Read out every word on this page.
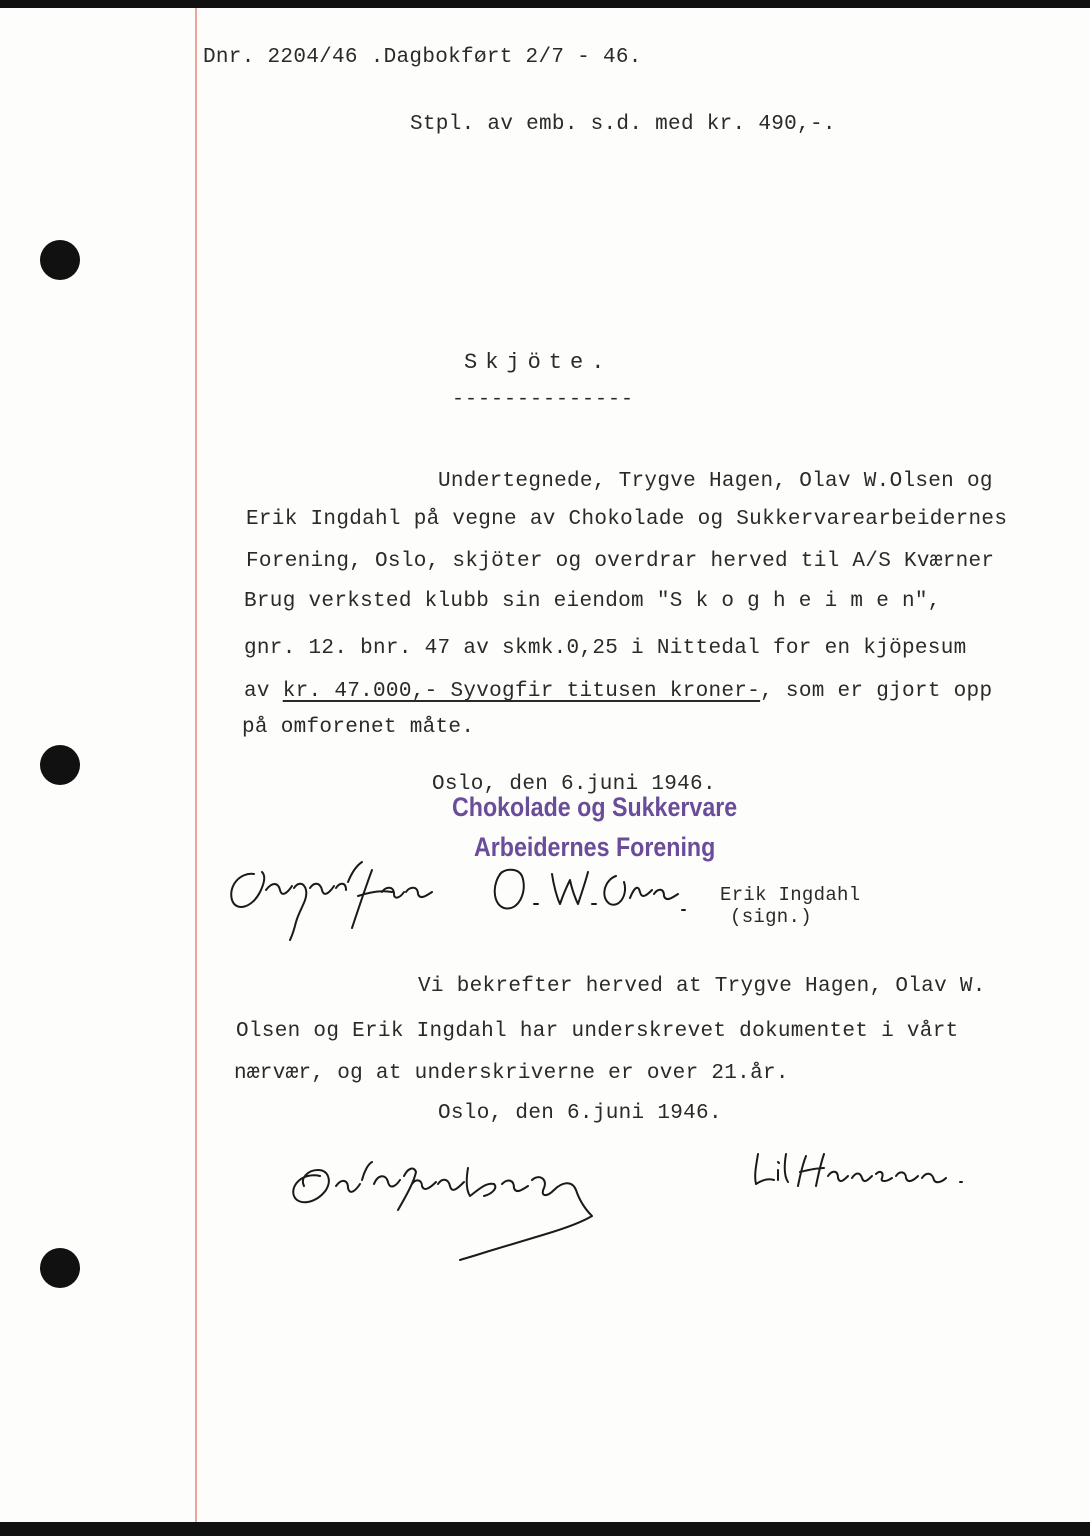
Dnr. 2204/46 .Dagbokført 2/7 - 46.
Stpl. av emb. s.d. med kr. 490,-.
Skjöte.
--------------
Undertegnede, Trygve Hagen, Olav W.Olsen og
Erik Ingdahl på vegne av Chokolade og Sukkervarearbeidernes
Forening, Oslo, skjöter og overdrar herved til A/S Kværner
Brug verksted klubb sin eiendom "S k o g h e i m e n",
gnr. 12. bnr. 47 av skmk.0,25 i Nittedal for en kjöpesum
av kr. 47.000,- Syvogfir titusen kroner-, som er gjort opp
på omforenet måte.
Oslo, den 6.juni 1946.
Chokolade og Sukkervare
Arbeidernes Forening
Erik Ingdahl
(sign.)
Vi bekrefter herved at Trygve Hagen, Olav W.
Olsen og Erik Ingdahl har underskrevet dokumentet i vårt
nærvær, og at underskriverne er over 21.år.
Oslo, den 6.juni 1946.
